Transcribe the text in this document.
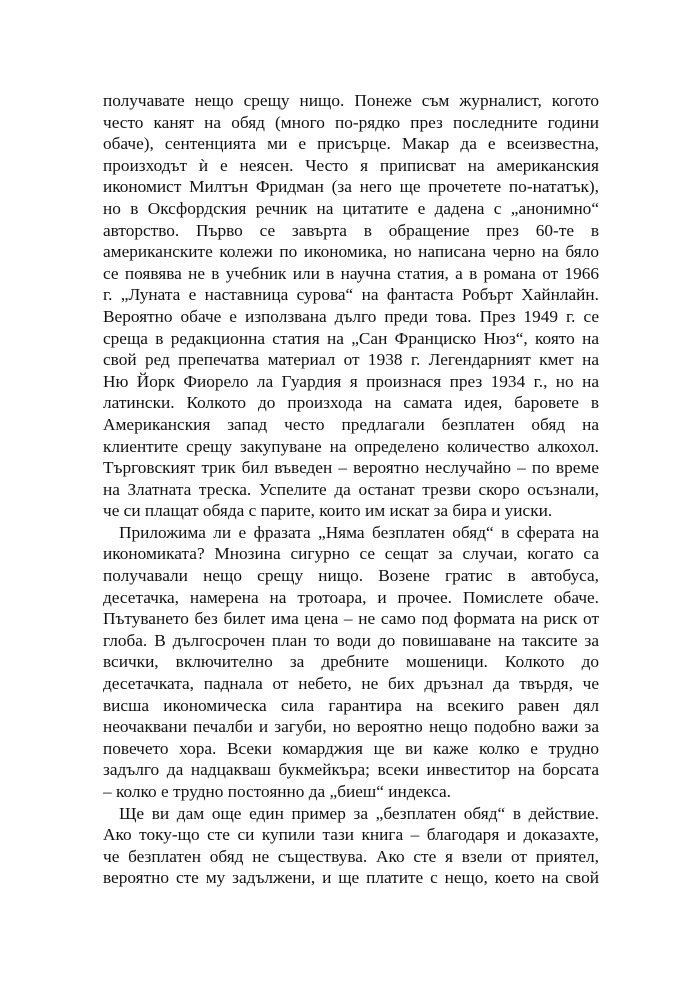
получавате нещо срещу нищо. Понеже съм журналист, когото
често канят на обяд (много по-рядко през последните години
обаче), сентенцията ми е присърце. Макар да е всеизвестна,
произходът ѝ е неясен. Често я приписват на американския
икономист Милтън Фридман (за него ще прочетете по-нататък),
но в Оксфордския речник на цитатите е дадена с „анонимно“
авторство. Първо се завърта в обращение през 60-те в
американските колежи по икономика, но написана черно на бяло
се появява не в учебник или в научна статия, а в романа от 1966
г. „Луната е наставница сурова“ на фантаста Робърт Хайнлайн.
Вероятно обаче е използвана дълго преди това. През 1949 г. се
среща в редакционна статия на „Сан Франциско Нюз“, която на
свой ред препечатва материал от 1938 г. Легендарният кмет на
Ню Йорк Фиорело ла Гуардия я произнася през 1934 г., но на
латински. Колкото до произхода на самата идея, баровете в
Американския запад често предлагали безплатен обяд на
клиентите срещу закупуване на определено количество алкохол.
Търговският трик бил въведен – вероятно неслучайно – по време
на Златната треска. Успелите да останат трезви скоро осъзнали,
че си плащат обяда с парите, които им искат за бира и уиски.
Приложима ли е фразата „Няма безплатен обяд“ в сферата на
икономиката? Мнозина сигурно се сещат за случаи, когато са
получавали нещо срещу нищо. Возене гратис в автобуса,
десетачка, намерена на тротоара, и прочее. Помислете обаче.
Пътуването без билет има цена – не само под формата на риск от
глоба. В дългосрочен план то води до повишаване на таксите за
всички, включително за дребните мошеници. Колкото до
десетачката, паднала от небето, не бих дръзнал да твърдя, че
висша икономическа сила гарантира на всекиго равен дял
неочаквани печалби и загуби, но вероятно нещо подобно важи за
повечето хора. Всеки комарджия ще ви каже колко е трудно
задълго да надцакваш букмейкъра; всеки инвеститор на борсата
– колко е трудно постоянно да „биеш“ индекса.
Ще ви дам още един пример за „безплатен обяд“ в действие.
Ако току-що сте си купили тази книга – благодаря и доказахте,
че безплатен обяд не съществува. Ако сте я взели от приятел,
вероятно сте му задължени, и ще платите с нещо, което на свой
